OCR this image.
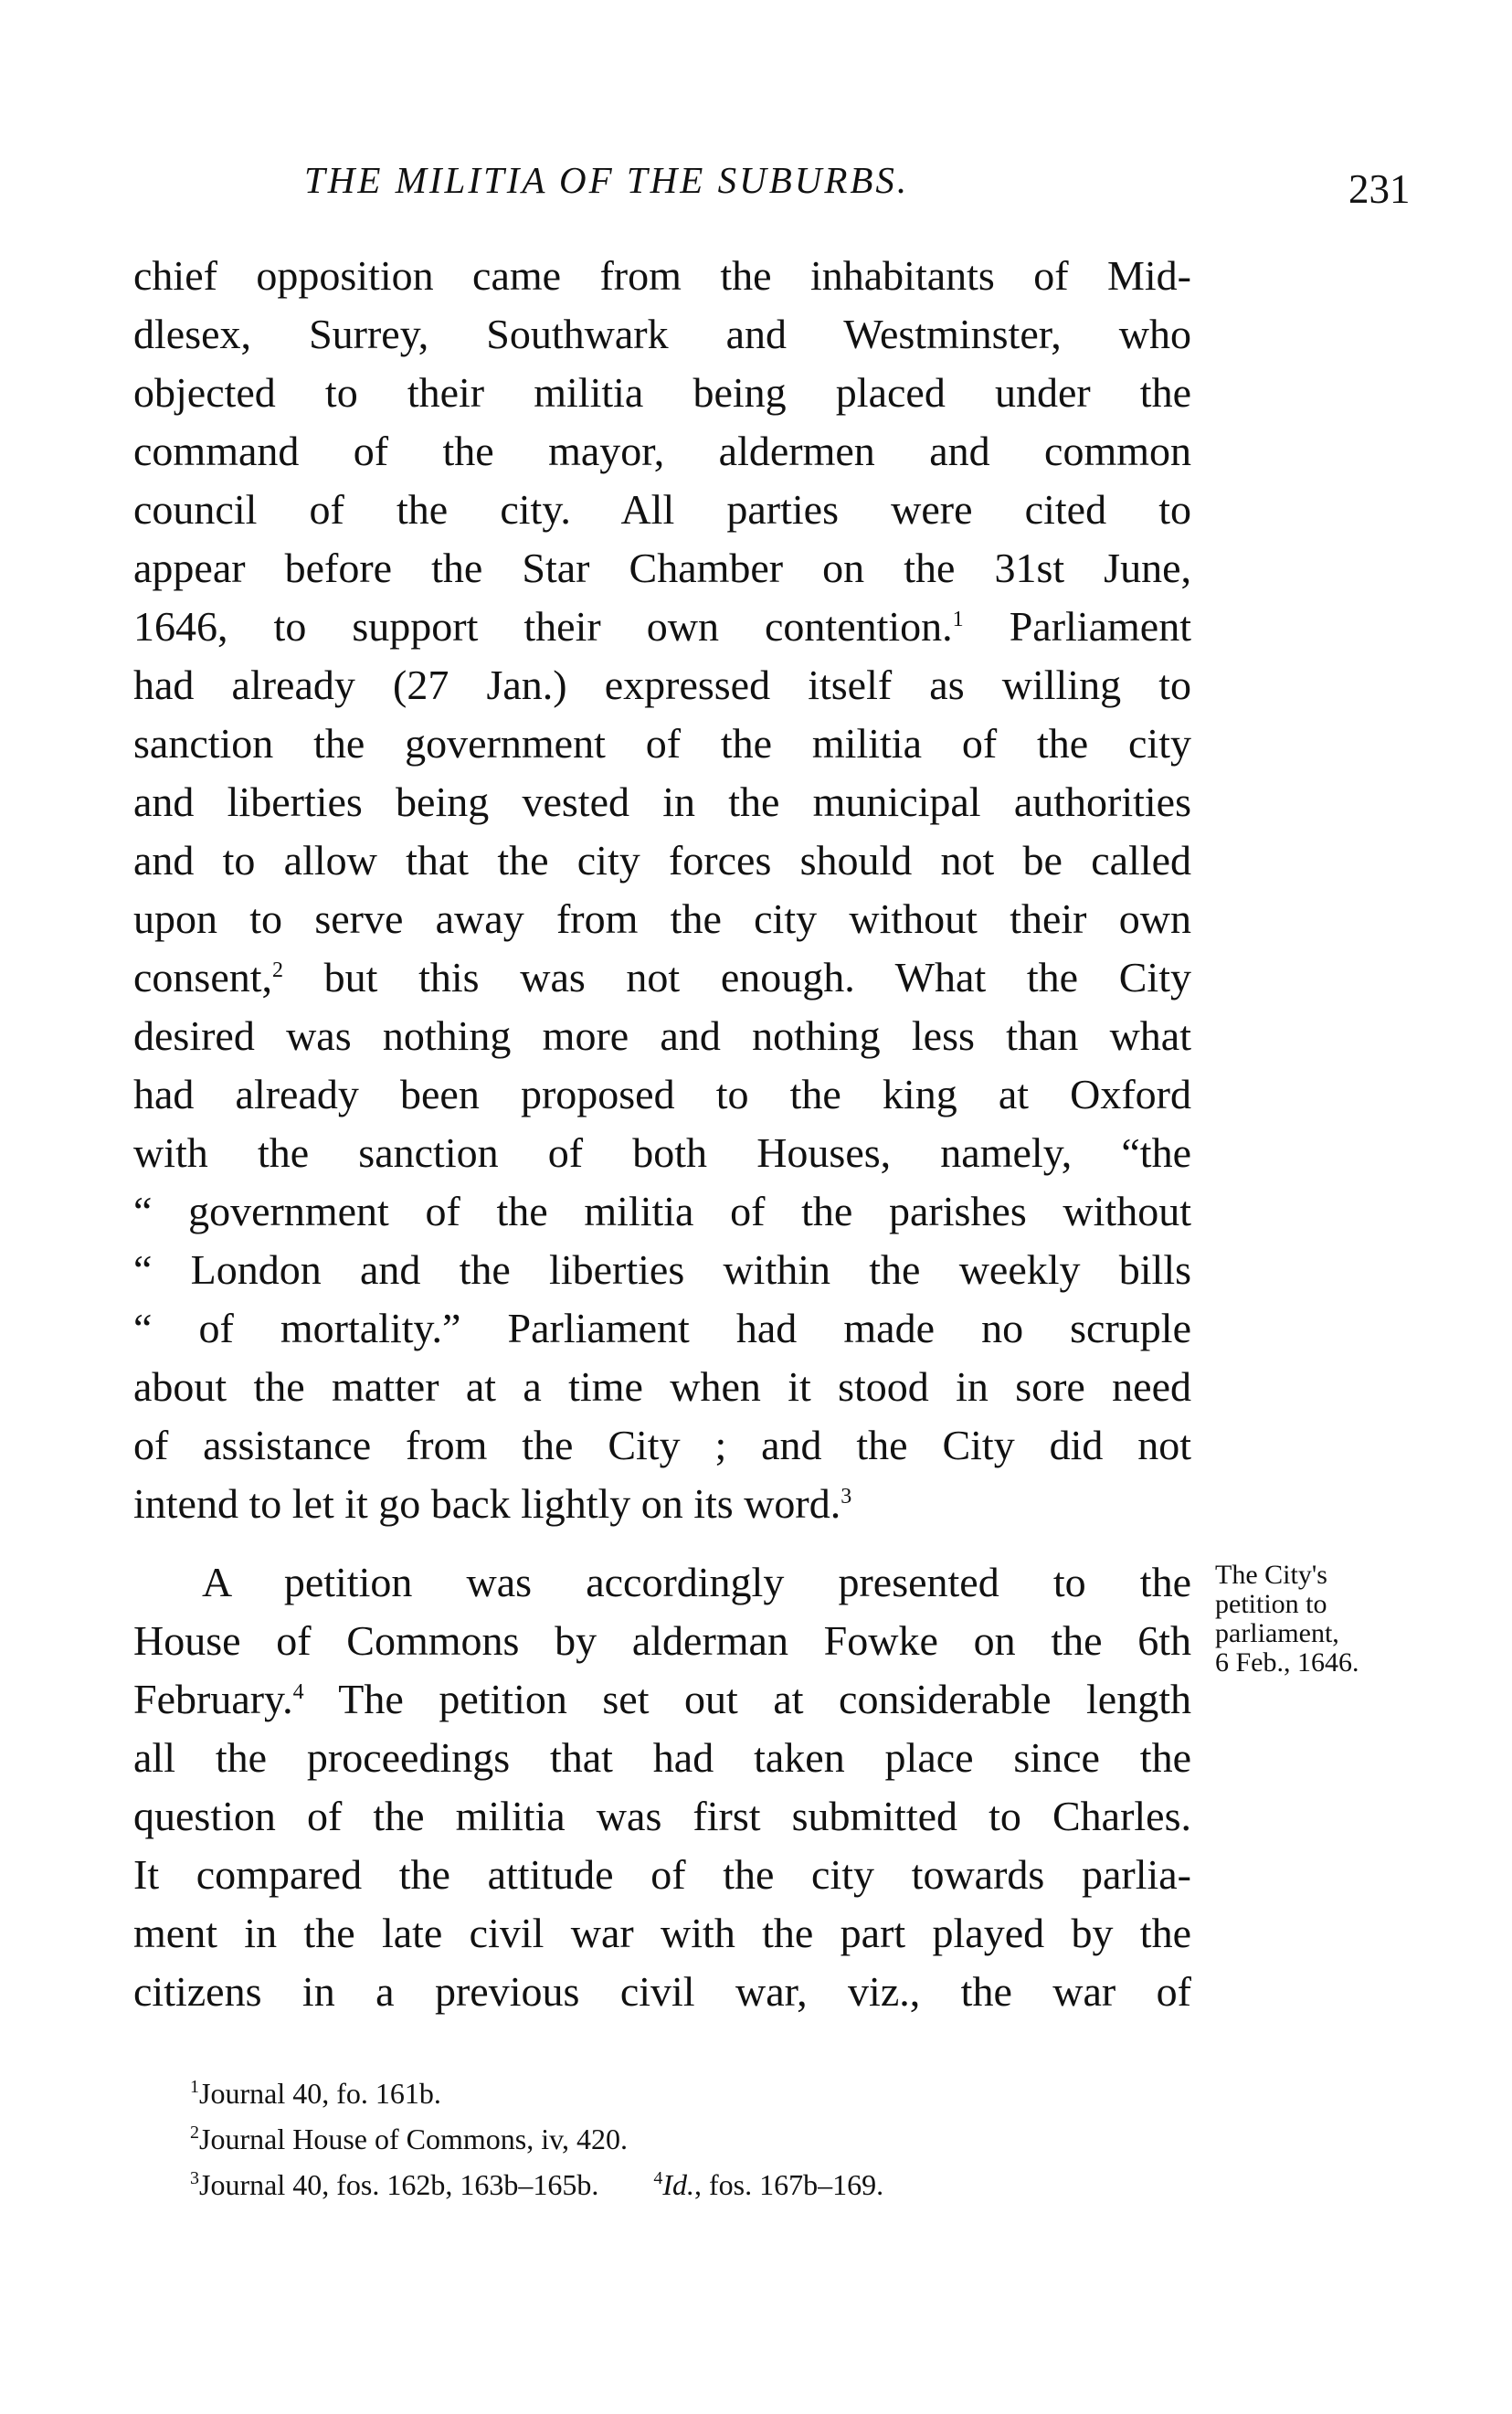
THE MILITIA OF THE SUBURBS.	231
chief opposition came from the inhabitants of Mid-
dlesex, Surrey, Southwark and Westminster, who
objected to their militia being placed under the
command of the mayor, aldermen and common
council of the city. All parties were cited to
appear before the Star Chamber on the 31st June,
1646, to support their own contention.$^1$ Parliament
had already (27 Jan.) expressed itself as willing to
sanction the government of the militia of the city
and liberties being vested in the municipal authorities
and to allow that the city forces should not be called
upon to serve away from the city without their own
consent,$^2$ but this was not enough. What the City
desired was nothing more and nothing less than what
had already been proposed to the king at Oxford
with the sanction of both Houses, namely, “the
“ government of the militia of the parishes without
“ London and the liberties within the weekly bills
“ of mortality.” Parliament had made no scruple
about the matter at a time when it stood in sore need
of assistance from the City ; and the City did not
intend to let it go back lightly on its word.$^3$
A petition was accordingly presented to the
House of Commons by alderman Fowke on the 6th
February.$^4$ The petition set out at considerable length
all the proceedings that had taken place since the
question of the militia was first submitted to Charles.
It compared the attitude of the city towards parlia-
ment in the late civil war with the part played by the
citizens in a previous civil war, viz., the war of
The City's
petition to
parliament,
6 Feb., 1646.
$^1$Journal 40, fo. 161b.
$^2$Journal House of Commons, iv, 420.
$^3$Journal 40, fos. 162b, 163b–165b.	$^4$Id., fos. 167b–169.
